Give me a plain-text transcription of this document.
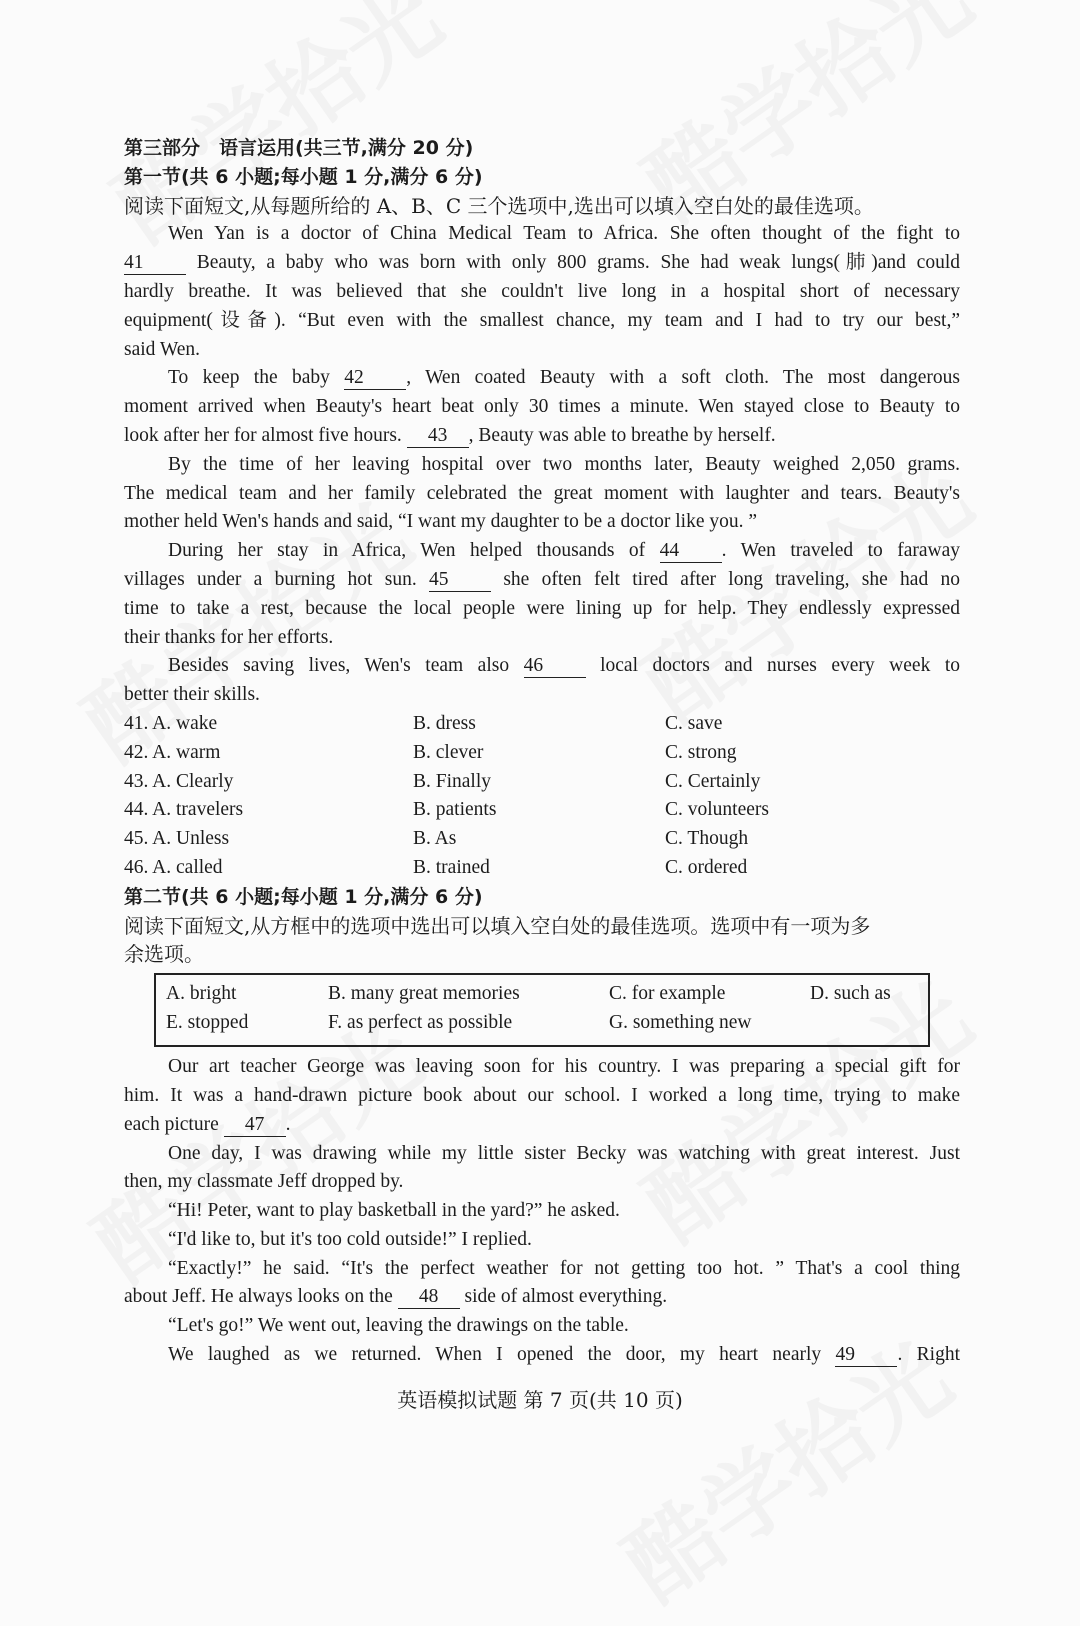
第三部分　语言运用(共三节,满分 20 分)
第一节(共 6 小题;每小题 1 分,满分 6 分)
阅读下面短文,从每题所给的 A、B、C 三个选项中,选出可以填入空白处的最佳选项。
Wen Yan is a doctor of China Medical Team to Africa. She often thought of the fight to
41	Beauty, a baby who was born with only 800 grams. She had weak lungs(肺)and could
hardly breathe. It was believed that she couldn't live long in a hospital short of necessary
equipment(设备). “But even with the smallest chance, my team and I had to try our best,”
said Wen.
To keep the baby 42 , Wen coated Beauty with a soft cloth. The most dangerous
moment arrived when Beauty's heart beat only 30 times a minute. Wen stayed close to Beauty to
look after her for almost five hours. 43 , Beauty was able to breathe by herself.
By the time of her leaving hospital over two months later, Beauty weighed 2,050 grams.
The medical team and her family celebrated the great moment with laughter and tears. Beauty's
mother held Wen's hands and said, “I want my daughter to be a doctor like you. ”
During her stay in Africa, Wen helped thousands of 44 . Wen traveled to faraway
villages under a burning hot sun. 45	she often felt tired after long traveling, she had no
time to take a rest, because the local people were lining up for help. They endlessly expressed
their thanks for her efforts.
Besides saving lives, Wen's team also 46	local doctors and nurses every week to
better their skills.
41. A. wake	B. dress	C. save
42. A. warm	B. clever	C. strong
43. A. Clearly	B. Finally	C. Certainly
44. A. travelers	B. patients	C. volunteers
45. A. Unless	B. As	C. Though
46. A. called	B. trained	C. ordered
第二节(共 6 小题;每小题 1 分,满分 6 分)
阅读下面短文,从方框中的选项中选出可以填入空白处的最佳选项。选项中有一项为多
余选项。
A. bright	B. many great memories	C. for example	D. such as
E. stopped	F. as perfect as possible	G. something new
Our art teacher George was leaving soon for his country. I was preparing a special gift for
him. It was a hand-drawn picture book about our school. I worked a long time, trying to make
each picture 47 .
One day, I was drawing while my little sister Becky was watching with great interest. Just
then, my classmate Jeff dropped by.
“Hi! Peter, want to play basketball in the yard?” he asked.
“I'd like to, but it's too cold outside!” I replied.
“Exactly!” he said. “It's the perfect weather for not getting too hot. ” That's a cool thing
about Jeff. He always looks on the 48 side of almost everything.
“Let's go!” We went out, leaving the drawings on the table.
We laughed as we returned. When I opened the door, my heart nearly 49 . Right
英语模拟试题 第 7 页(共 10 页)
